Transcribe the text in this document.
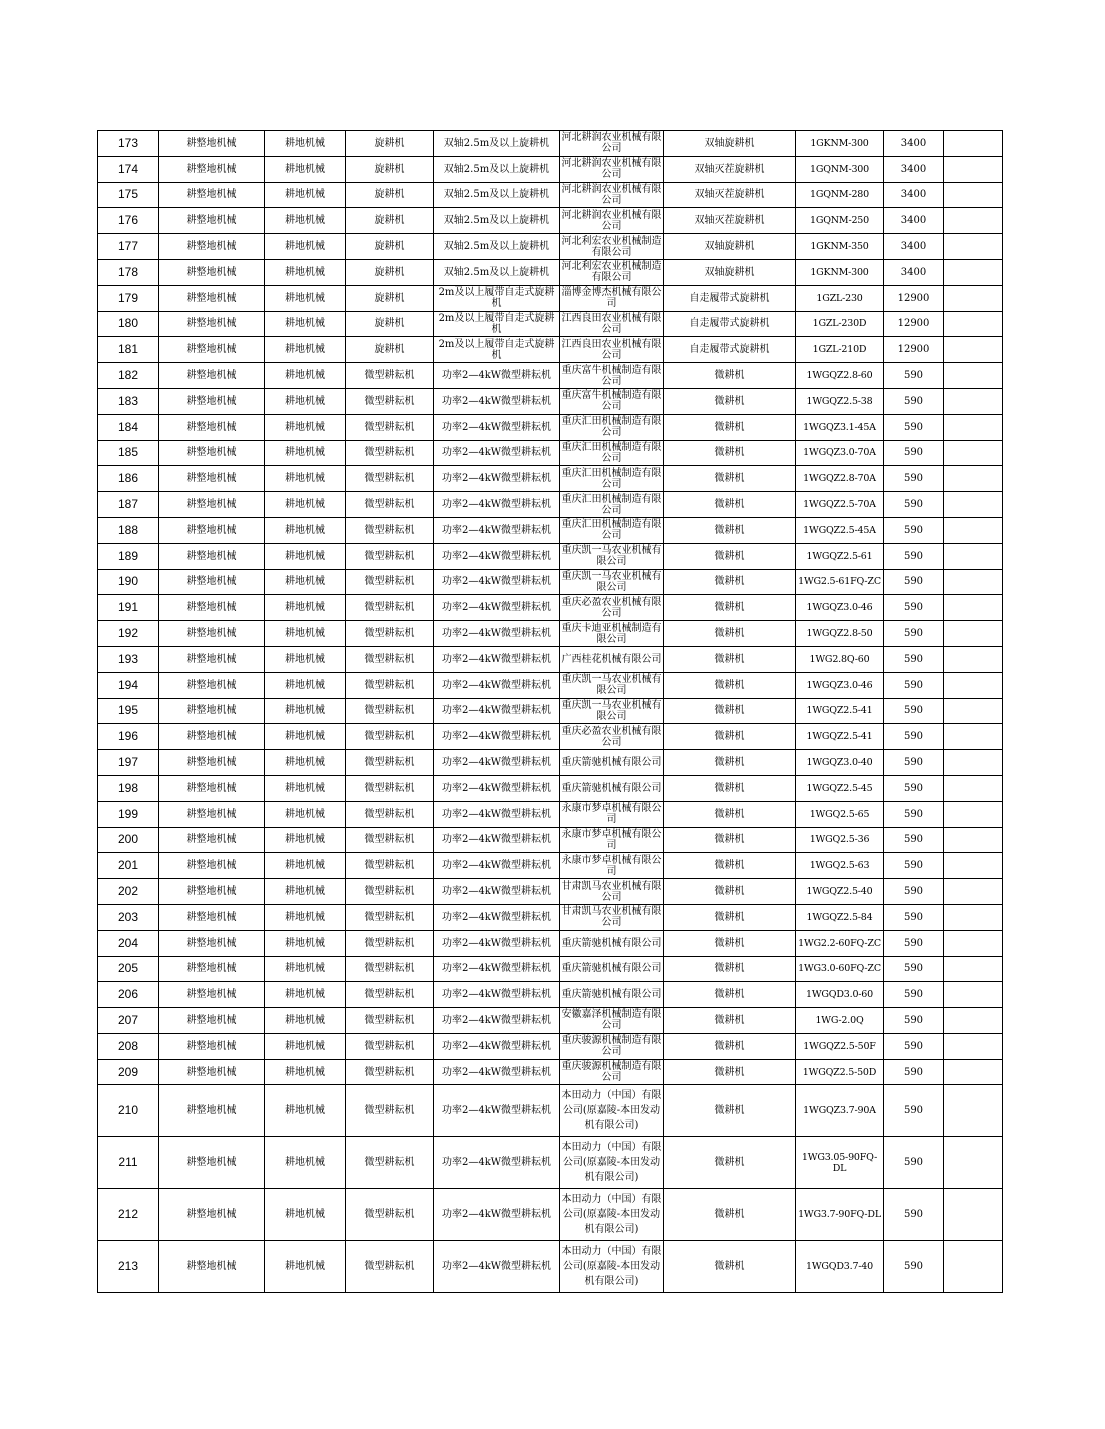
173	耕整地机械	耕地机械	旋耕机	双轴2.5m及以上旋耕机	河北耕润农业机械有限公司	双轴旋耕机	1GKNM-300	3400	
174	耕整地机械	耕地机械	旋耕机	双轴2.5m及以上旋耕机	河北耕润农业机械有限公司	双轴灭茬旋耕机	1GQNM-300	3400	
175	耕整地机械	耕地机械	旋耕机	双轴2.5m及以上旋耕机	河北耕润农业机械有限公司	双轴灭茬旋耕机	1GQNM-280	3400	
176	耕整地机械	耕地机械	旋耕机	双轴2.5m及以上旋耕机	河北耕润农业机械有限公司	双轴灭茬旋耕机	1GQNM-250	3400	
177	耕整地机械	耕地机械	旋耕机	双轴2.5m及以上旋耕机	河北利宏农业机械制造有限公司	双轴旋耕机	1GKNM-350	3400	
178	耕整地机械	耕地机械	旋耕机	双轴2.5m及以上旋耕机	河北利宏农业机械制造有限公司	双轴旋耕机	1GKNM-300	3400	
179	耕整地机械	耕地机械	旋耕机	2m及以上履带自走式旋耕机	淄博金博杰机械有限公司	自走履带式旋耕机	1GZL-230	12900	
180	耕整地机械	耕地机械	旋耕机	2m及以上履带自走式旋耕机	江西良田农业机械有限公司	自走履带式旋耕机	1GZL-230D	12900	
181	耕整地机械	耕地机械	旋耕机	2m及以上履带自走式旋耕机	江西良田农业机械有限公司	自走履带式旋耕机	1GZL-210D	12900	
182	耕整地机械	耕地机械	微型耕耘机	功率2—4kW微型耕耘机	重庆富牛机械制造有限公司	微耕机	1WGQZ2.8-60	590	
183	耕整地机械	耕地机械	微型耕耘机	功率2—4kW微型耕耘机	重庆富牛机械制造有限公司	微耕机	1WGQZ2.5-38	590	
184	耕整地机械	耕地机械	微型耕耘机	功率2—4kW微型耕耘机	重庆汇田机械制造有限公司	微耕机	1WGQZ3.1-45A	590	
185	耕整地机械	耕地机械	微型耕耘机	功率2—4kW微型耕耘机	重庆汇田机械制造有限公司	微耕机	1WGQZ3.0-70A	590	
186	耕整地机械	耕地机械	微型耕耘机	功率2—4kW微型耕耘机	重庆汇田机械制造有限公司	微耕机	1WGQZ2.8-70A	590	
187	耕整地机械	耕地机械	微型耕耘机	功率2—4kW微型耕耘机	重庆汇田机械制造有限公司	微耕机	1WGQZ2.5-70A	590	
188	耕整地机械	耕地机械	微型耕耘机	功率2—4kW微型耕耘机	重庆汇田机械制造有限公司	微耕机	1WGQZ2.5-45A	590	
189	耕整地机械	耕地机械	微型耕耘机	功率2—4kW微型耕耘机	重庆凯一马农业机械有限公司	微耕机	1WGQZ2.5-61	590	
190	耕整地机械	耕地机械	微型耕耘机	功率2—4kW微型耕耘机	重庆凯一马农业机械有限公司	微耕机	1WG2.5-61FQ-ZC	590	
191	耕整地机械	耕地机械	微型耕耘机	功率2—4kW微型耕耘机	重庆必盈农业机械有限公司	微耕机	1WGQZ3.0-46	590	
192	耕整地机械	耕地机械	微型耕耘机	功率2—4kW微型耕耘机	重庆卡迪亚机械制造有限公司	微耕机	1WGQZ2.8-50	590	
193	耕整地机械	耕地机械	微型耕耘机	功率2—4kW微型耕耘机	广西桂花机械有限公司	微耕机	1WG2.8Q-60	590	
194	耕整地机械	耕地机械	微型耕耘机	功率2—4kW微型耕耘机	重庆凯一马农业机械有限公司	微耕机	1WGQZ3.0-46	590	
195	耕整地机械	耕地机械	微型耕耘机	功率2—4kW微型耕耘机	重庆凯一马农业机械有限公司	微耕机	1WGQZ2.5-41	590	
196	耕整地机械	耕地机械	微型耕耘机	功率2—4kW微型耕耘机	重庆必盈农业机械有限公司	微耕机	1WGQZ2.5-41	590	
197	耕整地机械	耕地机械	微型耕耘机	功率2—4kW微型耕耘机	重庆箭驰机械有限公司	微耕机	1WGQZ3.0-40	590	
198	耕整地机械	耕地机械	微型耕耘机	功率2—4kW微型耕耘机	重庆箭驰机械有限公司	微耕机	1WGQZ2.5-45	590	
199	耕整地机械	耕地机械	微型耕耘机	功率2—4kW微型耕耘机	永康市梦卓机械有限公司	微耕机	1WGQ2.5-65	590	
200	耕整地机械	耕地机械	微型耕耘机	功率2—4kW微型耕耘机	永康市梦卓机械有限公司	微耕机	1WGQ2.5-36	590	
201	耕整地机械	耕地机械	微型耕耘机	功率2—4kW微型耕耘机	永康市梦卓机械有限公司	微耕机	1WGQ2.5-63	590	
202	耕整地机械	耕地机械	微型耕耘机	功率2—4kW微型耕耘机	甘肃凯马农业机械有限公司	微耕机	1WGQZ2.5-40	590	
203	耕整地机械	耕地机械	微型耕耘机	功率2—4kW微型耕耘机	甘肃凯马农业机械有限公司	微耕机	1WGQZ2.5-84	590	
204	耕整地机械	耕地机械	微型耕耘机	功率2—4kW微型耕耘机	重庆箭驰机械有限公司	微耕机	1WG2.2-60FQ-ZC	590	
205	耕整地机械	耕地机械	微型耕耘机	功率2—4kW微型耕耘机	重庆箭驰机械有限公司	微耕机	1WG3.0-60FQ-ZC	590	
206	耕整地机械	耕地机械	微型耕耘机	功率2—4kW微型耕耘机	重庆箭驰机械有限公司	微耕机	1WGQD3.0-60	590	
207	耕整地机械	耕地机械	微型耕耘机	功率2—4kW微型耕耘机	安徽嘉泽机械制造有限公司	微耕机	1WG-2.0Q	590	
208	耕整地机械	耕地机械	微型耕耘机	功率2—4kW微型耕耘机	重庆骏源机械制造有限公司	微耕机	1WGQZ2.5-50F	590	
209	耕整地机械	耕地机械	微型耕耘机	功率2—4kW微型耕耘机	重庆骏源机械制造有限公司	微耕机	1WGQZ2.5-50D	590	
210	耕整地机械	耕地机械	微型耕耘机	功率2—4kW微型耕耘机	本田动力（中国）有限公司(原嘉陵-本田发动机有限公司)	微耕机	1WGQZ3.7-90A	590	
211	耕整地机械	耕地机械	微型耕耘机	功率2—4kW微型耕耘机	本田动力（中国）有限公司(原嘉陵-本田发动机有限公司)	微耕机	1WG3.05-90FQ-DL	590	
212	耕整地机械	耕地机械	微型耕耘机	功率2—4kW微型耕耘机	本田动力（中国）有限公司(原嘉陵-本田发动机有限公司)	微耕机	1WG3.7-90FQ-DL	590	
213	耕整地机械	耕地机械	微型耕耘机	功率2—4kW微型耕耘机	本田动力（中国）有限公司(原嘉陵-本田发动机有限公司)	微耕机	1WGQD3.7-40	590	
